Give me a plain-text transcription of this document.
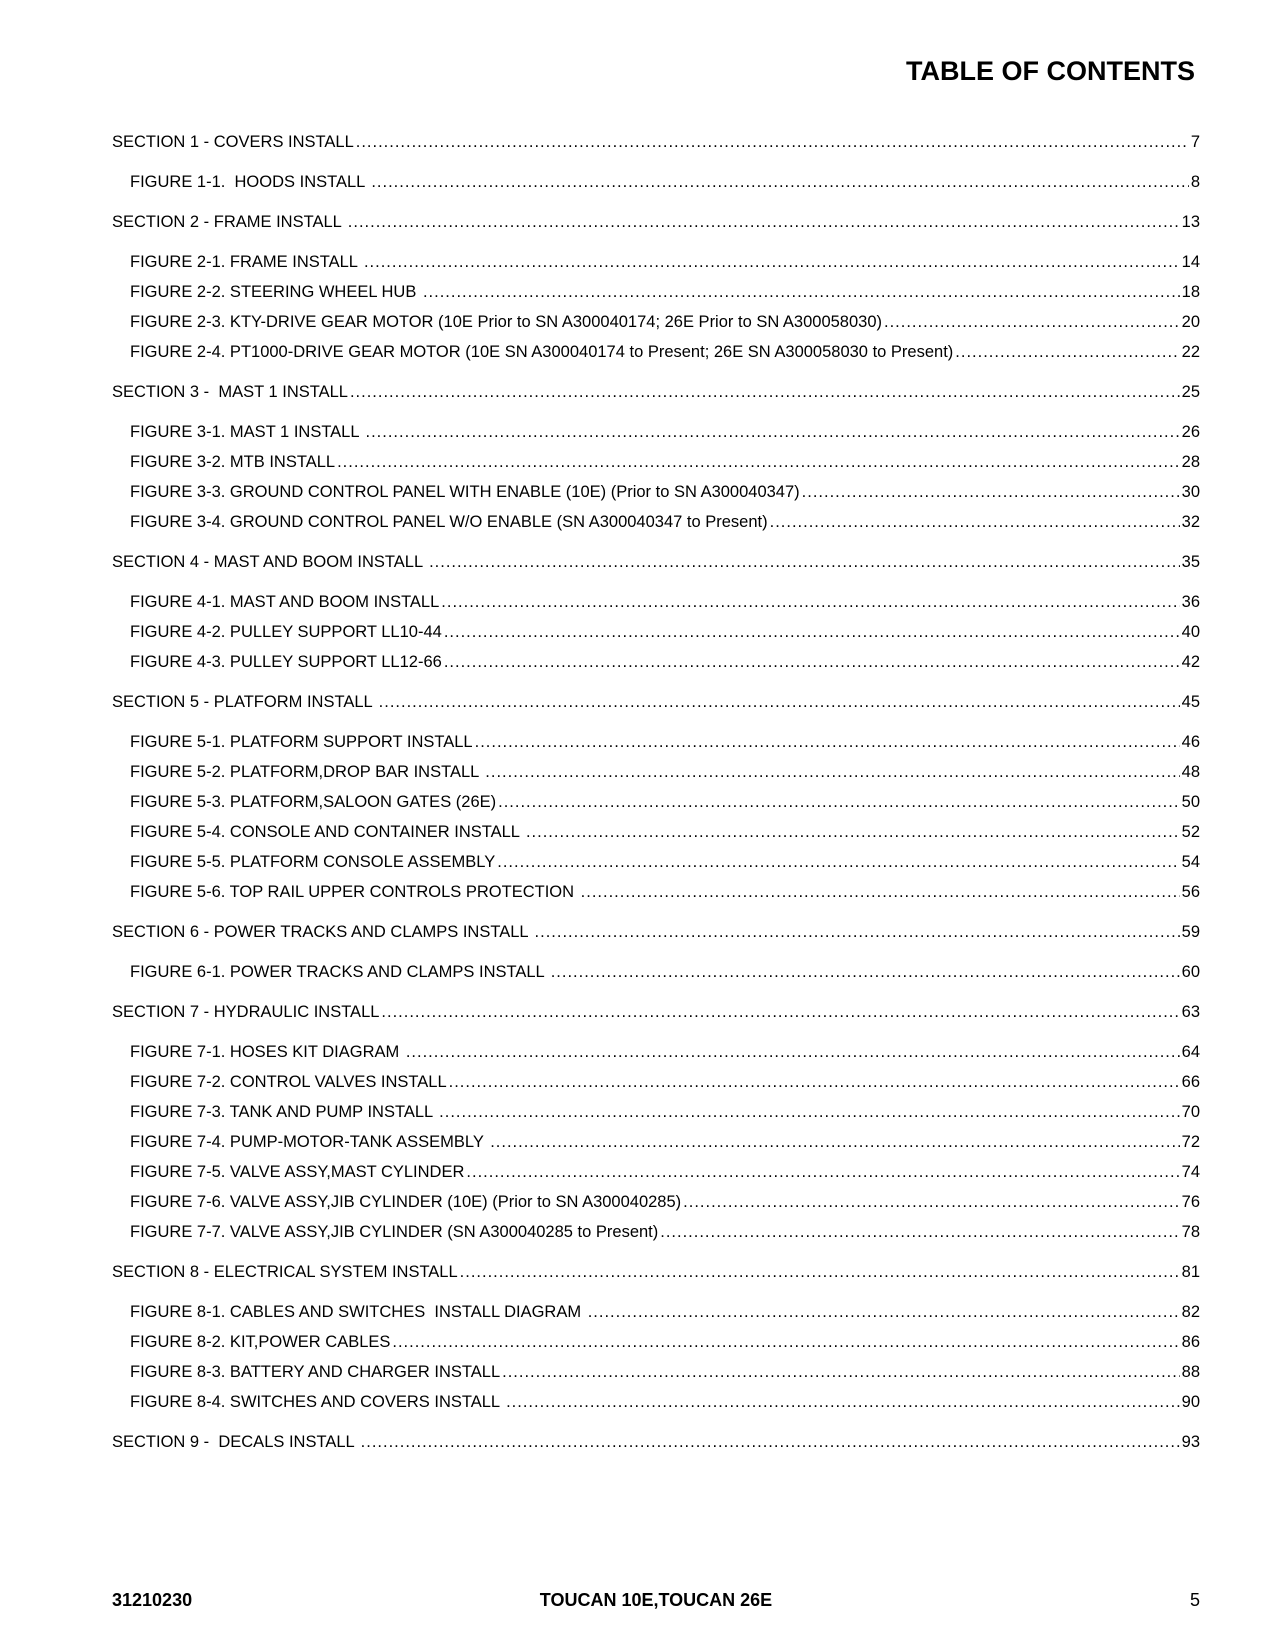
TABLE OF CONTENTS
SECTION 1 - COVERS INSTALL .....	7
FIGURE 1-1.  HOODS INSTALL .....	8
SECTION 2 - FRAME INSTALL .....	13
FIGURE 2-1. FRAME INSTALL .....	14
FIGURE 2-2. STEERING WHEEL HUB .....	18
FIGURE 2-3. KTY-DRIVE GEAR MOTOR (10E Prior to SN A300040174; 26E Prior to SN A300058030) .....	20
FIGURE 2-4. PT1000-DRIVE GEAR MOTOR (10E SN A300040174 to Present; 26E SN A300058030 to Present) .....	22
SECTION 3 -  MAST 1 INSTALL .....	25
FIGURE 3-1. MAST 1 INSTALL .....	26
FIGURE 3-2. MTB INSTALL .....	28
FIGURE 3-3. GROUND CONTROL PANEL WITH ENABLE (10E) (Prior to SN A300040347) .....	30
FIGURE 3-4. GROUND CONTROL PANEL W/O ENABLE (SN A300040347 to Present) .....	32
SECTION 4 - MAST AND BOOM INSTALL .....	35
FIGURE 4-1. MAST AND BOOM INSTALL .....	36
FIGURE 4-2. PULLEY SUPPORT LL10-44 .....	40
FIGURE 4-3. PULLEY SUPPORT LL12-66 .....	42
SECTION 5 - PLATFORM INSTALL .....	45
FIGURE 5-1. PLATFORM SUPPORT INSTALL .....	46
FIGURE 5-2. PLATFORM,DROP BAR INSTALL .....	48
FIGURE 5-3. PLATFORM,SALOON GATES (26E) .....	50
FIGURE 5-4. CONSOLE AND CONTAINER INSTALL .....	52
FIGURE 5-5. PLATFORM CONSOLE ASSEMBLY .....	54
FIGURE 5-6. TOP RAIL UPPER CONTROLS PROTECTION .....	56
SECTION 6 - POWER TRACKS AND CLAMPS INSTALL .....	59
FIGURE 6-1. POWER TRACKS AND CLAMPS INSTALL .....	60
SECTION 7 - HYDRAULIC INSTALL .....	63
FIGURE 7-1. HOSES KIT DIAGRAM .....	64
FIGURE 7-2. CONTROL VALVES INSTALL .....	66
FIGURE 7-3. TANK AND PUMP INSTALL .....	70
FIGURE 7-4. PUMP-MOTOR-TANK ASSEMBLY .....	72
FIGURE 7-5. VALVE ASSY,MAST CYLINDER .....	74
FIGURE 7-6. VALVE ASSY,JIB CYLINDER (10E) (Prior to SN A300040285) .....	76
FIGURE 7-7. VALVE ASSY,JIB CYLINDER (SN A300040285 to Present) .....	78
SECTION 8 - ELECTRICAL SYSTEM INSTALL .....	81
FIGURE 8-1. CABLES AND SWITCHES  INSTALL DIAGRAM .....	82
FIGURE 8-2. KIT,POWER CABLES .....	86
FIGURE 8-3. BATTERY AND CHARGER INSTALL .....	88
FIGURE 8-4. SWITCHES AND COVERS INSTALL .....	90
SECTION 9 -  DECALS INSTALL .....	93
31210230	TOUCAN 10E,TOUCAN 26E	5
